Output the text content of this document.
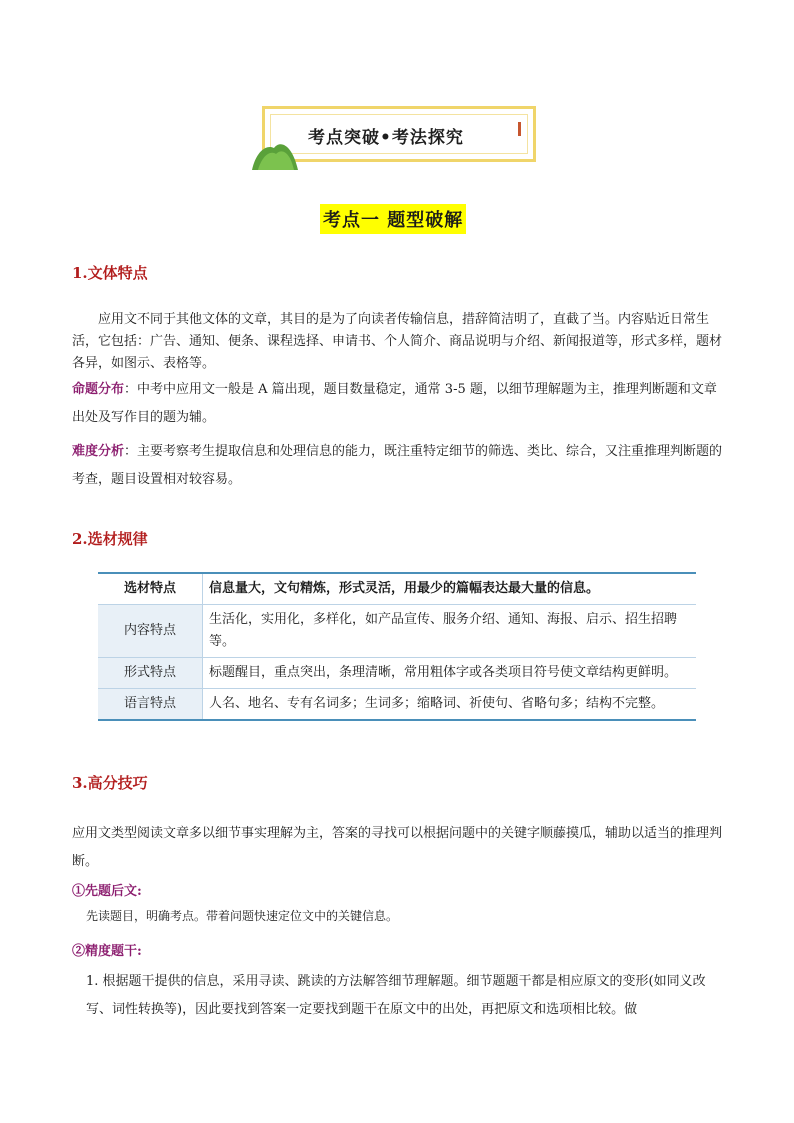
考点突破•考法探究
考点一 题型破解
1.文体特点
应用文不同于其他文体的文章，其目的是为了向读者传输信息，措辞简洁明了，直截了当。内容贴近日常生活，它包括：广告、通知、便条、课程选择、申请书、个人简介、商品说明与介绍、新闻报道等，形式多样，题材各异，如图示、表格等。
命题分布：中考中应用文一般是 A 篇出现，题目数量稳定，通常 3-5 题，以细节理解题为主，推理判断题和文章出处及写作目的题为辅。
难度分析：主要考察考生提取信息和处理信息的能力，既注重特定细节的筛选、类比、综合，又注重推理判断题的考查，题目设置相对较容易。
2.选材规律
选材特点	信息量大，文句精炼，形式灵活，用最少的篇幅表达最大量的信息。
内容特点	生活化，实用化，多样化，如产品宣传、服务介绍、通知、海报、启示、招生招聘等。
形式特点	标题醒目，重点突出，条理清晰，常用粗体字或各类项目符号使文章结构更鲜明。
语言特点	人名、地名、专有名词多；生词多；缩略词、祈使句、省略句多；结构不完整。
3.高分技巧
应用文类型阅读文章多以细节事实理解为主，答案的寻找可以根据问题中的关键字顺藤摸瓜，辅助以适当的推理判断。
①先题后文:
先读题目，明确考点。带着问题快速定位文中的关键信息。
②精度题干:
1. 根据题干提供的信息，采用寻读、跳读的方法解答细节理解题。细节题题干都是相应原文的变形(如同义改写、词性转换等)，因此要找到答案一定要找到题干在原文中的出处，再把原文和选项相比较。做
